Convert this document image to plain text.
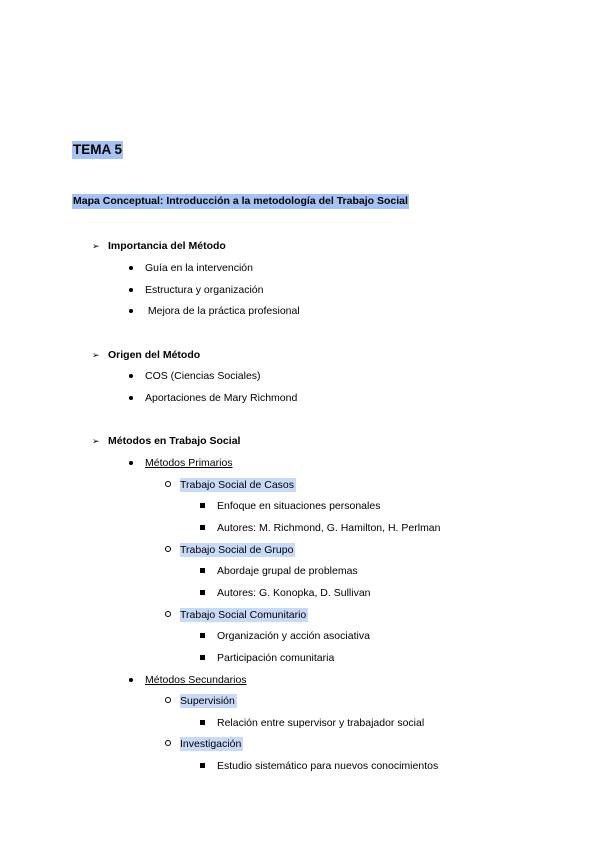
TEMA 5
Mapa Conceptual: Introducción a la metodología del Trabajo Social
➢ Importancia del Método
Guía en la intervención
Estructura y organización
Mejora de la práctica profesional
➢ Origen del Método
COS (Ciencias Sociales)
Aportaciones de Mary Richmond
➢ Métodos en Trabajo Social
Métodos Primarios
Trabajo Social de Casos
Enfoque en situaciones personales
Autores: M. Richmond, G. Hamilton, H. Perlman
Trabajo Social de Grupo
Abordaje grupal de problemas
Autores: G. Konopka, D. Sullivan
Trabajo Social Comunitario
Organización y acción asociativa
Participación comunitaria
Métodos Secundarios
Supervisión
Relación entre supervisor y trabajador social
Investigación
Estudio sistemático para nuevos conocimientos
